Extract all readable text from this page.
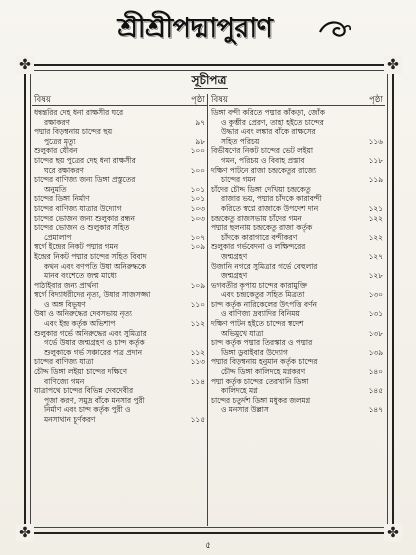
শ্রীশ্রীপদ্মাপুরাণ
✤	✤
✤	✤
সূচীপত্র
বিষয়	পৃষ্ঠা
ধন্বন্তরির দেহ ধনা রাক্ষসীর ঘরে
রক্ষাকরণ	৯৭
পদ্মার বিড়ম্বনায় চান্দের ছয়
পুত্রের মৃত্যু	৯৮
শুলুকার যৌবন	১০০
চান্দের ছয় পুত্রের দেহ ধনা রাক্ষসীর
ঘরে রক্ষাকরণ	১০০
চান্দের বাণিজ্য জন্য ডিঙ্গা প্রস্তুতের
অনুমতি	১০১
চান্দের ডিঙ্গা নির্মাণ	১০১
চান্দের বাণিজ্য যাত্রার উদ্যোগ	১০৩
চান্দের ভোজন জন্য শুলুকার রন্ধন	১০৩
চান্দের ভোজন ও শুলুকার সহিত
প্রেমালাপ	১০৭
স্বর্গে ইন্দ্রের নিকট পদ্মার গমন	১০৯
ইন্দ্রের নিকট পদ্মার চান্দের সহিত বিবাদ
কথন এবং বণপতি উষা অনিরুদ্ধকে
মানব বংশেতে জন্ম মাধ্যে
পাঠাইবার জন্য প্রার্থনা	১০৯
স্বর্গে বিদ্যাধরীদের নৃত্য, উষার সাজসজ্জা
ও অঙ্গ বিভূষণ	১১০
উষা ও অনিরুদ্ধের দেবসভায় নৃত্য
এবং ইন্দ্র কর্তৃক অভিশাপ	১১২
শুলুকার গর্ভে অনিরুদ্ধের এবং সুমিত্রার
গর্ভে উষার জন্মগ্রহণ ও চান্দ কর্তৃক
শুলুকাকে গর্ভ সঞ্চারের পত্র প্রদান	১১২
চান্দের বাণিজ্য যাত্রা	১১৩
চৌদ্দ ডিঙ্গা লইয়া চান্দের দক্ষিণে
বাণিজ্যে গমন	১১৪
যাত্রাপথে চান্দের বিভিন্ন দেবদেবীর
পূজা করণ, সমুদ্র বাঁকে মনসার পুরী
নির্মাণ এবং চান্দ কর্তৃক পুরী ও
মনসাথান চূর্ণকরণ	১১৫
বিষয়	পৃষ্ঠা
ডিঙ্গা বন্দী করিতে পদ্মার কাঁকড়া, জোঁক
ও কুম্ভীর প্রেরণ, তাহা হইতে চান্দের
উদ্ধার এবং লঙ্কার বাঁকে রাক্ষসের
সহিত পরিচয়	১১৬
বিভীষণের নিকট চান্দের ভেট লইয়া
গমন, পরিচয় ও বিবাহ প্রস্তাব	১১৮
দক্ষিণ পাটনে রাজা চন্দ্রকেতুর রাজ্যে
চান্দের গমন	১১৯
চাঁদের চৌদ্দ ডিঙ্গা দেখিয়া চন্দ্রকেতু
রাজার ভয়, পদ্মার চাঁদকে কারাবন্দী
করিতে স্বপ্নে রাজাকে উপদেশ দান	১২১
চন্দ্রকেতু রাজসভায় চাঁদের গমন	১২২
পদ্মার ছলনায় চন্দ্রকেতু রাজা কর্তৃক
চাঁদকে কারাগারে বন্দীকরণ	১২২
শুলুকার গর্ভবেদনা ও লক্ষিন্দরের
জন্মগ্রহণ	১২৭
উজানি নগরে সুমিত্রার গর্ভে বেহুলার
জন্মগ্রহণ	১২৮
ভগবতীর কৃপায় চান্দের কারামুক্তি
এবং চন্দ্রকেতুর সহিত মিত্রতা	১৩০
চান্দ কর্তৃক নারিকেলের উৎপত্তি বর্ণন
ও বাণিজ্য দ্রব্যাদির বিনিময়	১৩১
দক্ষিণ পাটন হইতে চান্দের স্বদেশ
অভিমুখে যাত্রা	১৩৮
চান্দ কর্তৃক পদ্মার তিরস্কার ও পদ্মার
ডিঙ্গা ডুবাইবার উদ্যোগ	১৩৯
পদ্মার বিড়ম্বনায় হনুমান কর্তৃক চান্দের
চৌদ্দ ডিঙ্গা কালিদহে মগ্নকরণ	১৪০
পদ্মা কর্তৃক চান্দের তেরখানি ডিঙ্গা
কালিদহে মগ্ন	১৪৫
চান্দের চতুর্দশ ডিঙ্গা মধুকর জলমগ্ন
ও মনসার উল্লাস	১৪৭
৫
